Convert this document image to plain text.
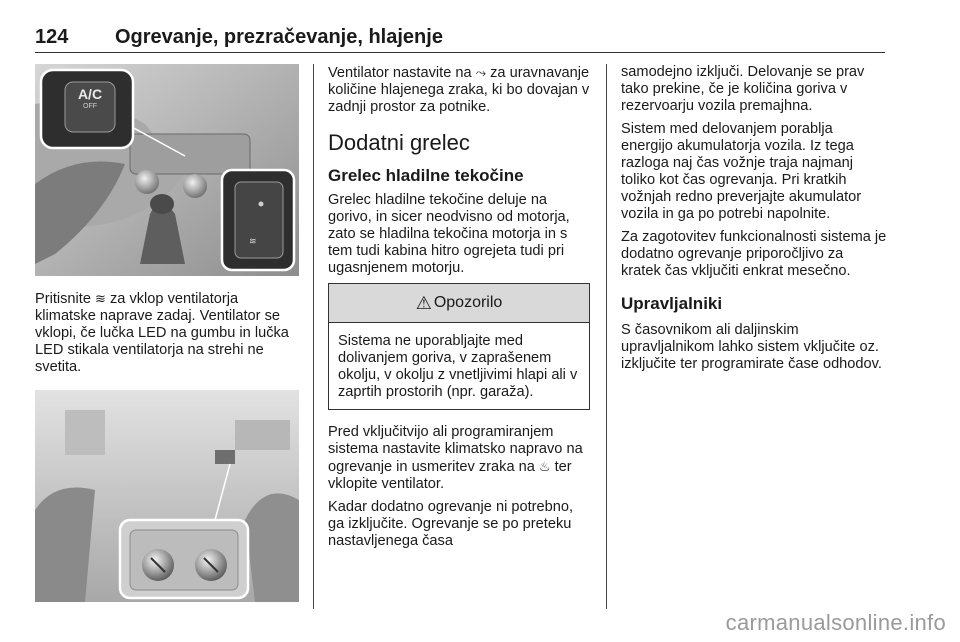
124 Ogrevanje, prezračevanje, hlajenje
≋
A/C
OFF

Pritisnite ≋ za vklop ventilatorja klimatske naprave zadaj. Ventilator se vklopi, če lučka LED na gumbu in lučka LED stikala ventilatorja na strehi ne svetita.

Ventilator nastavite na ⤳ za uravnavanje količine hlajenega zraka, ki bo dovajan v zadnji prostor za potnike.

Dodatni grelec
Grelec hladilne tekočine

Grelec hladilne tekočine deluje na gorivo, in sicer neodvisno od motorja, zato se hladilna tekočina motorja in s tem tudi kabina hitro ogrejeta tudi pri ugasnjenem motorju.

⚠ Opozorilo

Sistema ne uporabljajte med dolivanjem goriva, v zaprašenem okolju, v okolju z vnetljivimi hlapi ali v zaprtih prostorih (npr. garaža).

Pred vključitvijo ali programiranjem sistema nastavite klimatsko napravo na ogrevanje in usmeritev zraka na ♨ ter vklopite ventilator.

Kadar dodatno ogrevanje ni potrebno, ga izključite. Ogrevanje se po preteku nastavljenega časa

samodejno izključi. Delovanje se prav tako prekine, če je količina goriva v rezervoarju vozila premajhna.

Sistem med delovanjem porablja energijo akumulatorja vozila. Iz tega razloga naj čas vožnje traja najmanj toliko kot čas ogrevanja. Pri kratkih vožnjah redno preverjajte akumulator vozila in ga po potrebi napolnite.

Za zagotovitev funkcionalnosti sistema je dodatno ogrevanje priporočljivo za kratek čas vključiti enkrat mesečno.

Upravljalniki

S časovnikom ali daljinskim upravljalnikom lahko sistem vključite oz. izključite ter programirate čase odhodov.

carmanualsonline.info
